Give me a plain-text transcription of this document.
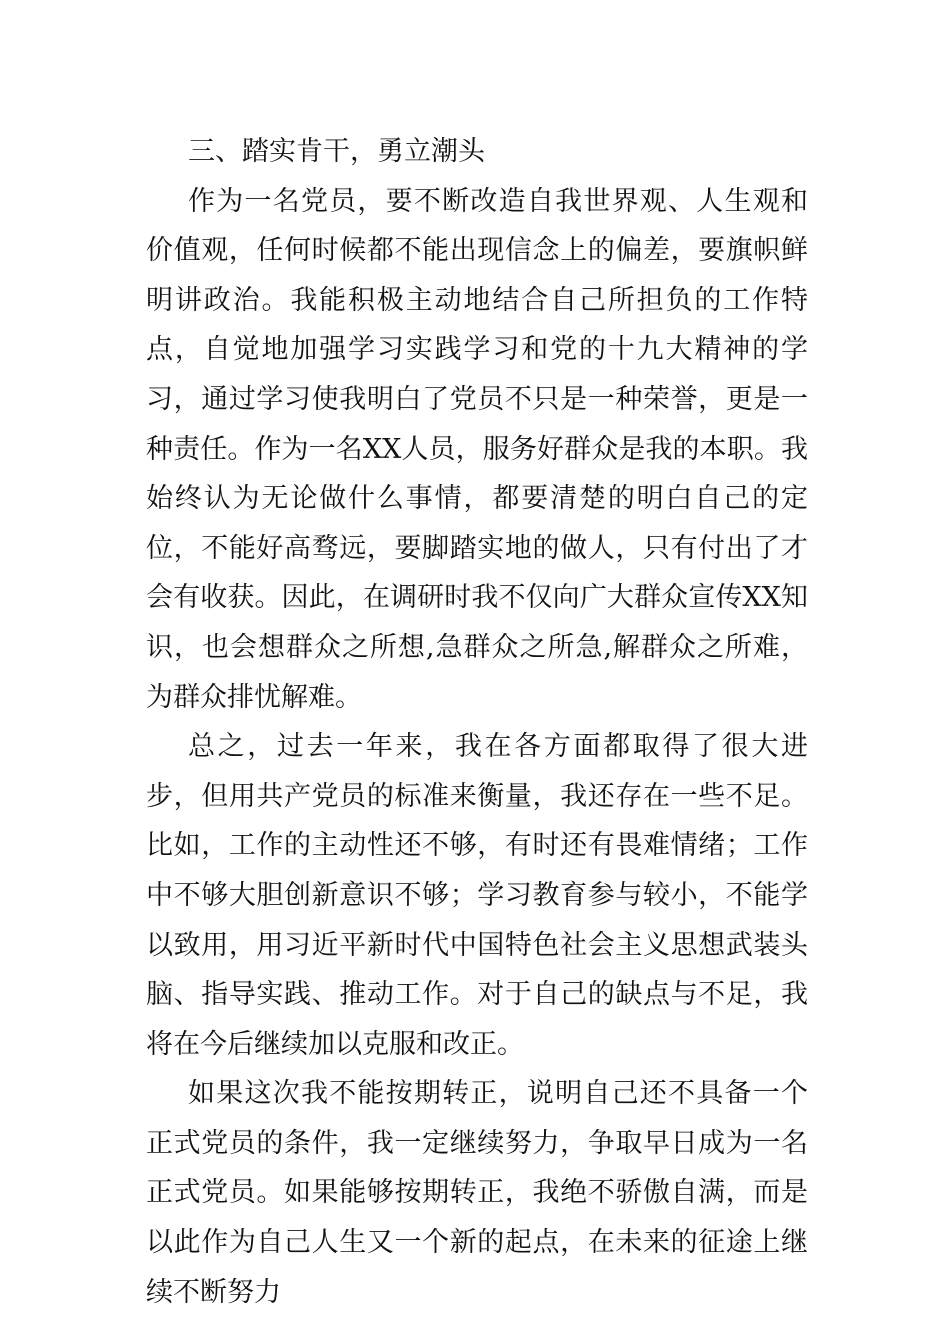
三、踏实肯干，勇立潮头

作为一名党员，要不断改造自我世界观、人生观和价值观，任何时候都不能出现信念上的偏差，要旗帜鲜明讲政治。我能积极主动地结合自己所担负的工作特点，自觉地加强学习实践学习和党的十九大精神的学习，通过学习使我明白了党员不只是一种荣誉，更是一种责任。作为一名XX人员，服务好群众是我的本职。我始终认为无论做什么事情，都要清楚的明白自己的定位，不能好高骛远，要脚踏实地的做人，只有付出了才会有收获。因此，在调研时我不仅向广大群众宣传XX知识，也会想群众之所想,急群众之所急,解群众之所难，为群众排忧解难。

总之，过去一年来，我在各方面都取得了很大进步，但用共产党员的标准来衡量，我还存在一些不足。比如，工作的主动性还不够，有时还有畏难情绪；工作中不够大胆创新意识不够；学习教育参与较小，不能学以致用，用习近平新时代中国特色社会主义思想武装头脑、指导实践、推动工作。对于自己的缺点与不足，我将在今后继续加以克服和改正。

如果这次我不能按期转正，说明自己还不具备一个正式党员的条件，我一定继续努力，争取早日成为一名正式党员。如果能够按期转正，我绝不骄傲自满，而是以此作为自己人生又一个新的起点，在未来的征途上继续不断努力
